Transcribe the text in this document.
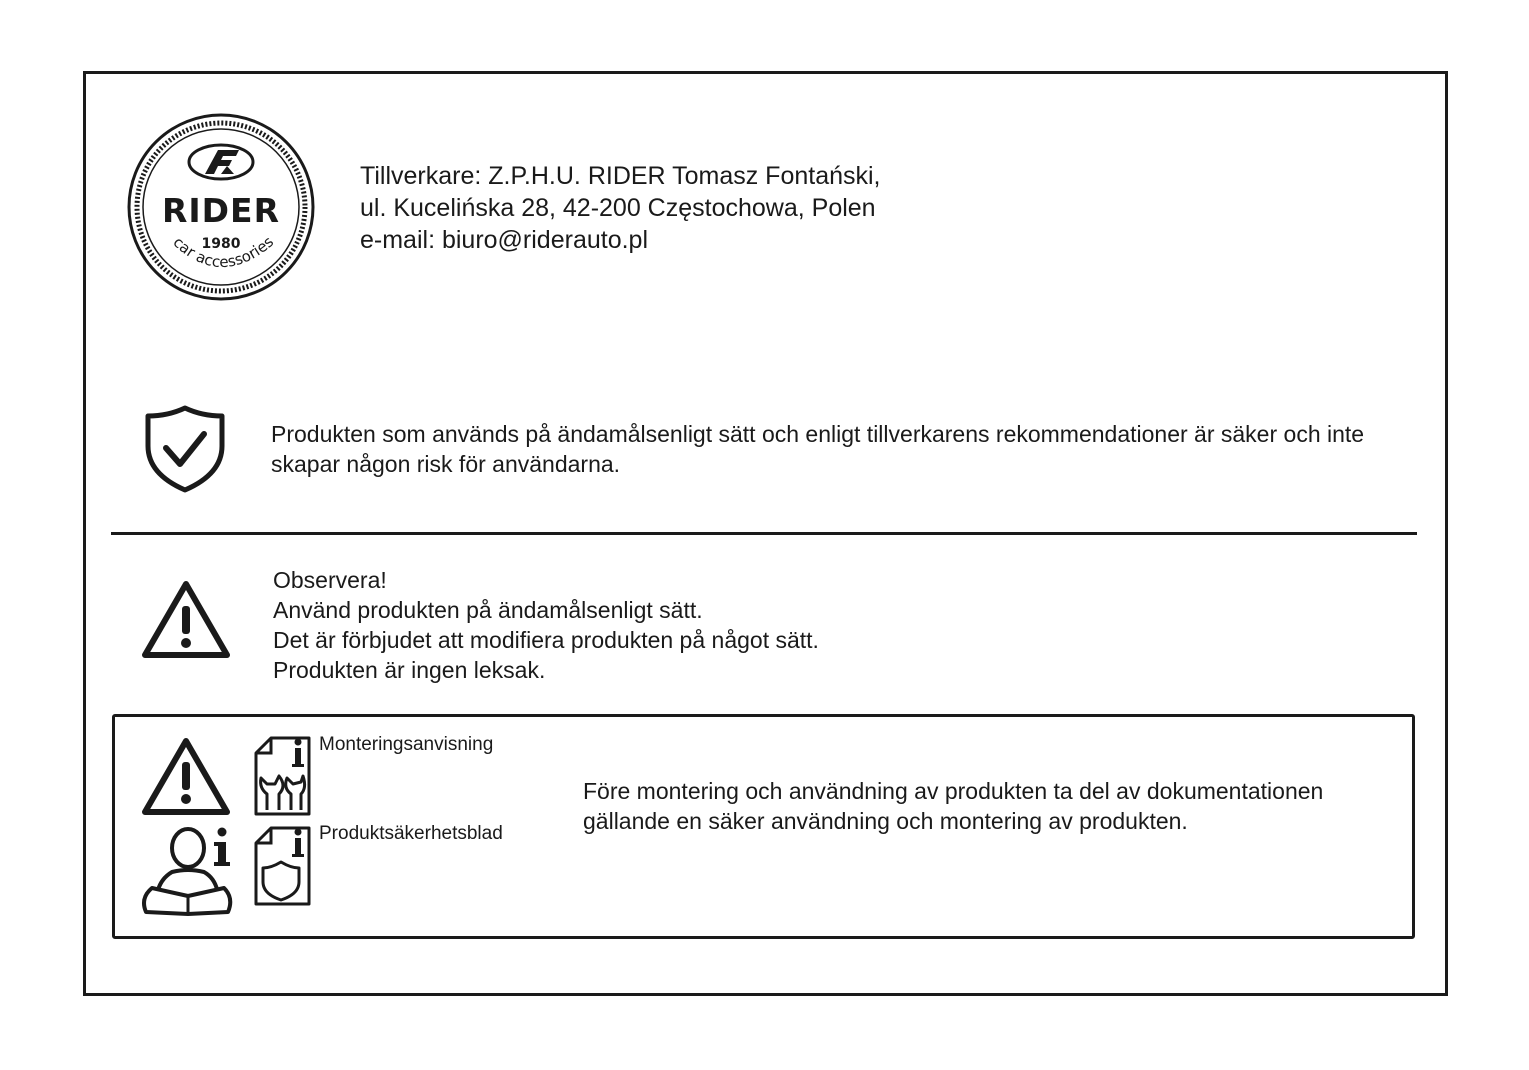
RIDER
1980
car accessories
Tillverkare: Z.P.H.U. RIDER Tomasz Fontański,
ul. Kucelińska 28, 42-200 Częstochowa, Polen
e-mail: biuro@riderauto.pl
Produkten som används på ändamålsenligt sätt och enligt tillverkarens rekommendationer är säker och inte skapar någon risk för användarna.
Observera!
Använd produkten på ändamålsenligt sätt.
Det är förbjudet att modifiera produkten på något sätt.
Produkten är ingen leksak.
Monteringsanvisning
Produktsäkerhetsblad
Före montering och användning av produkten ta del av dokumentationen gällande en säker användning och montering av produkten.
